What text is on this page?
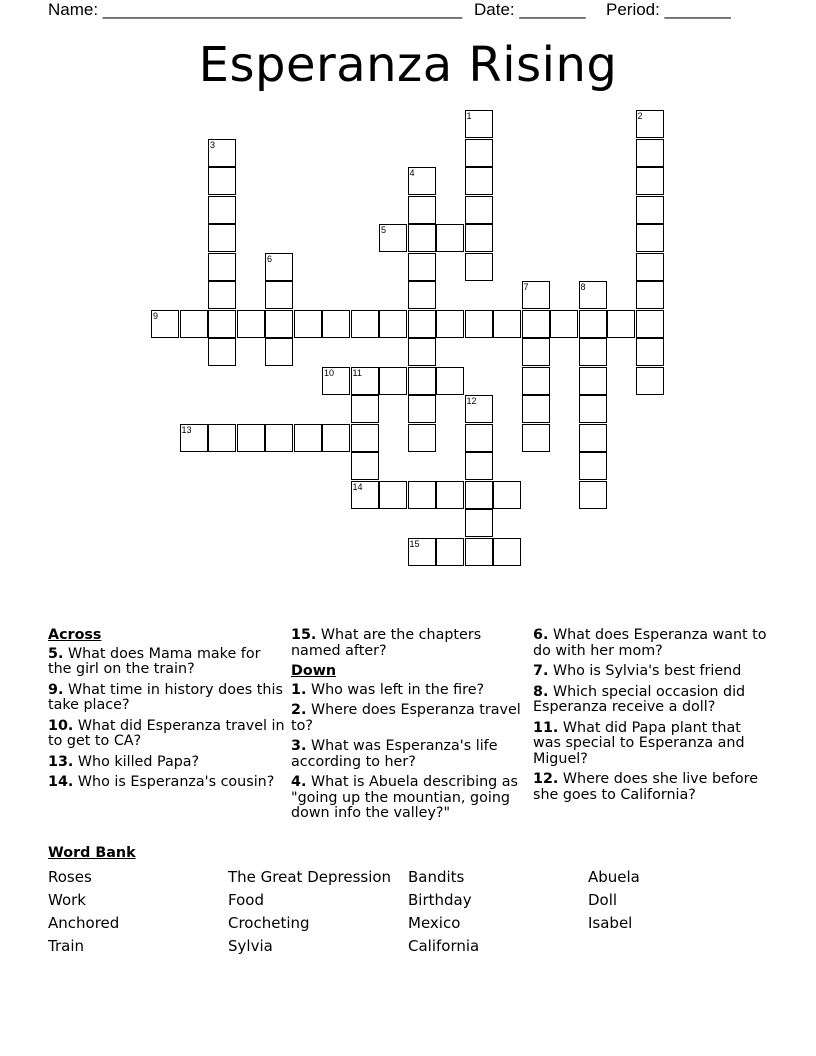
Name: ______________________________________ Date: _______ Period: _______
Esperanza Rising
1	2
3
4
5
6
7	8
9
10 11
12
13
14
15
Across
5. What does Mama make for the girl on the train?
9. What time in history does this take place?
10. What did Esperanza travel in to get to CA?
13. Who killed Papa?
14. Who is Esperanza's cousin?
15. What are the chapters named after?
Down
1. Who was left in the fire?
2. Where does Esperanza travel to?
3. What was Esperanza's life according to her?
4. What is Abuela describing as "going up the mountian, going down info the valley?"
6. What does Esperanza want to do with her mom?
7. Who is Sylvia's best friend
8. Which special occasion did Esperanza receive a doll?
11. What did Papa plant that was special to Esperanza and Miguel?
12. Where does she live before she goes to California?
Word Bank
Roses
Work
Anchored
Train
The Great Depression
Food
Crocheting
Sylvia
Bandits
Birthday
Mexico
California
Abuela
Doll
Isabel
